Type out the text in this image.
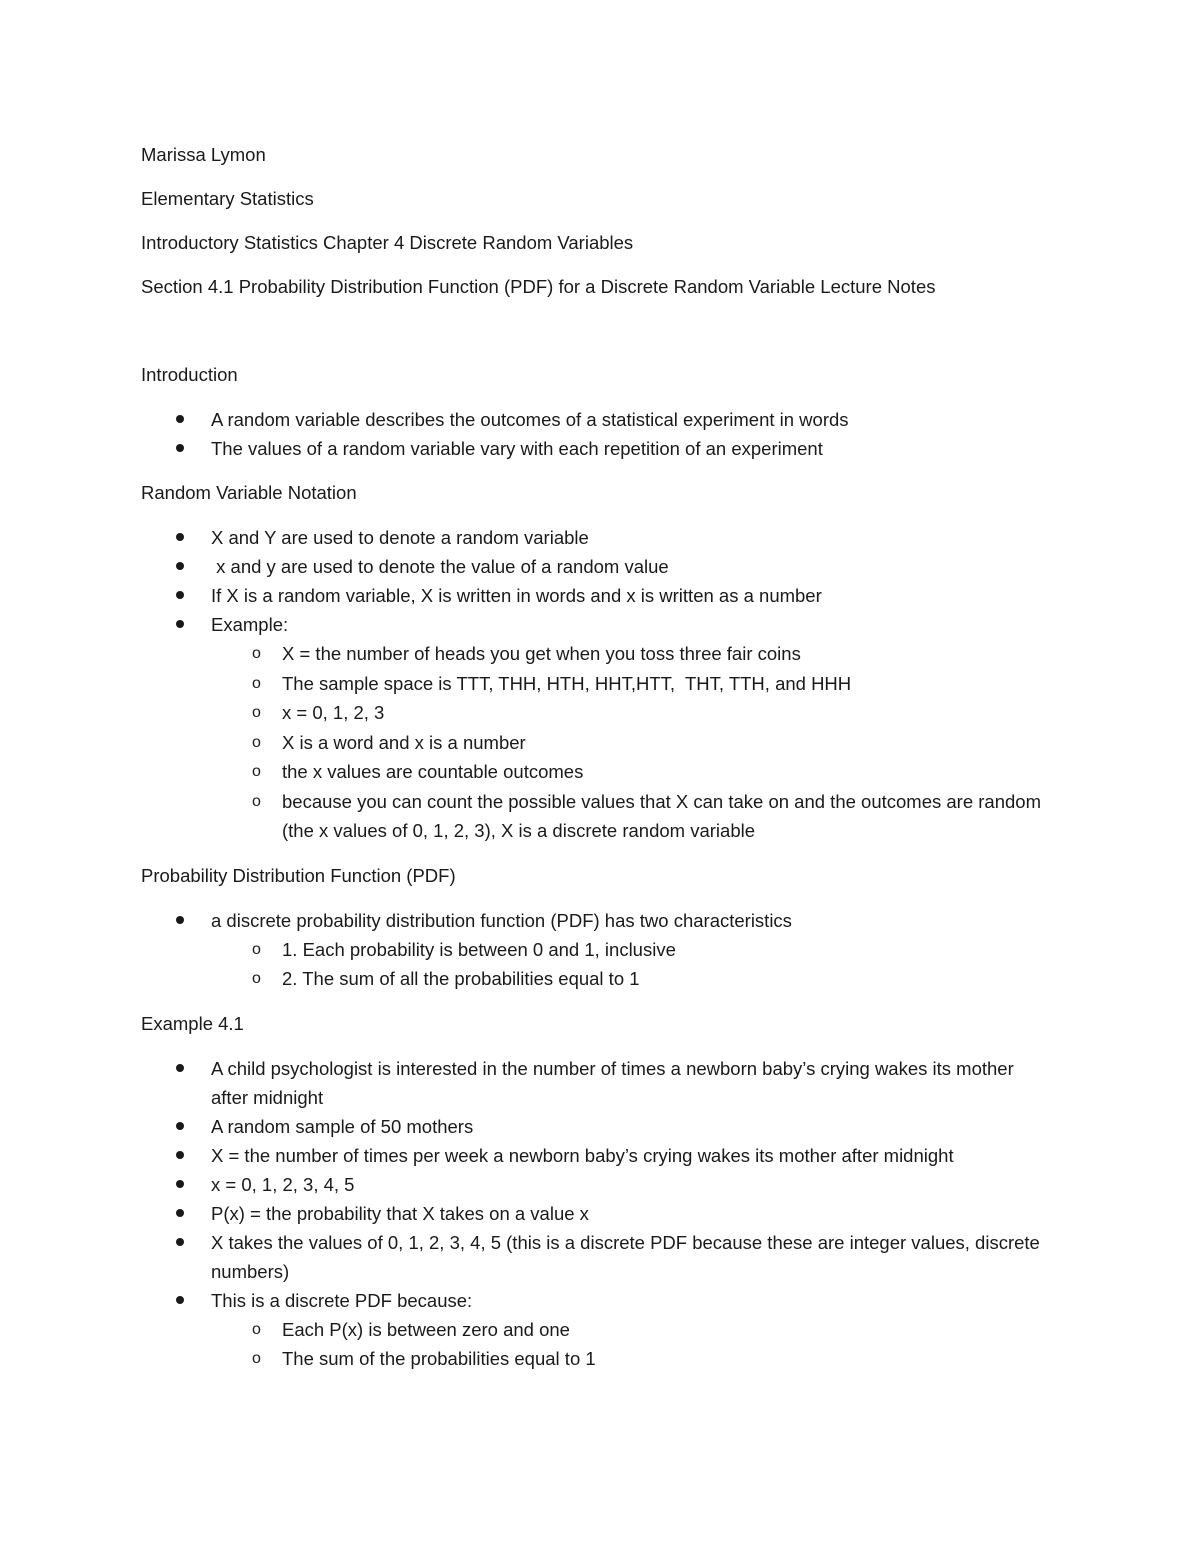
Marissa Lymon

Elementary Statistics

Introductory Statistics Chapter 4 Discrete Random Variables

Section 4.1 Probability Distribution Function (PDF) for a Discrete Random Variable Lecture Notes

Introduction

A random variable describes the outcomes of a statistical experiment in words
The values of a random variable vary with each repetition of an experiment

Random Variable Notation

X and Y are used to denote a random variable
x and y are used to denote the value of a random value
If X is a random variable, X is written in words and x is written as a number
Example:
o X = the number of heads you get when you toss three fair coins
o The sample space is TTT, THH, HTH, HHT,HTT,  THT, TTH, and HHH
o x = 0, 1, 2, 3
o X is a word and x is a number
o the x values are countable outcomes
o because you can count the possible values that X can take on and the outcomes are random (the x values of 0, 1, 2, 3), X is a discrete random variable

Probability Distribution Function (PDF)

a discrete probability distribution function (PDF) has two characteristics
o 1. Each probability is between 0 and 1, inclusive
o 2. The sum of all the probabilities equal to 1

Example 4.1

A child psychologist is interested in the number of times a newborn baby’s crying wakes its mother after midnight
A random sample of 50 mothers
X = the number of times per week a newborn baby’s crying wakes its mother after midnight
x = 0, 1, 2, 3, 4, 5
P(x) = the probability that X takes on a value x
X takes the values of 0, 1, 2, 3, 4, 5 (this is a discrete PDF because these are integer values, discrete numbers)
This is a discrete PDF because:
o Each P(x) is between zero and one
o The sum of the probabilities equal to 1
